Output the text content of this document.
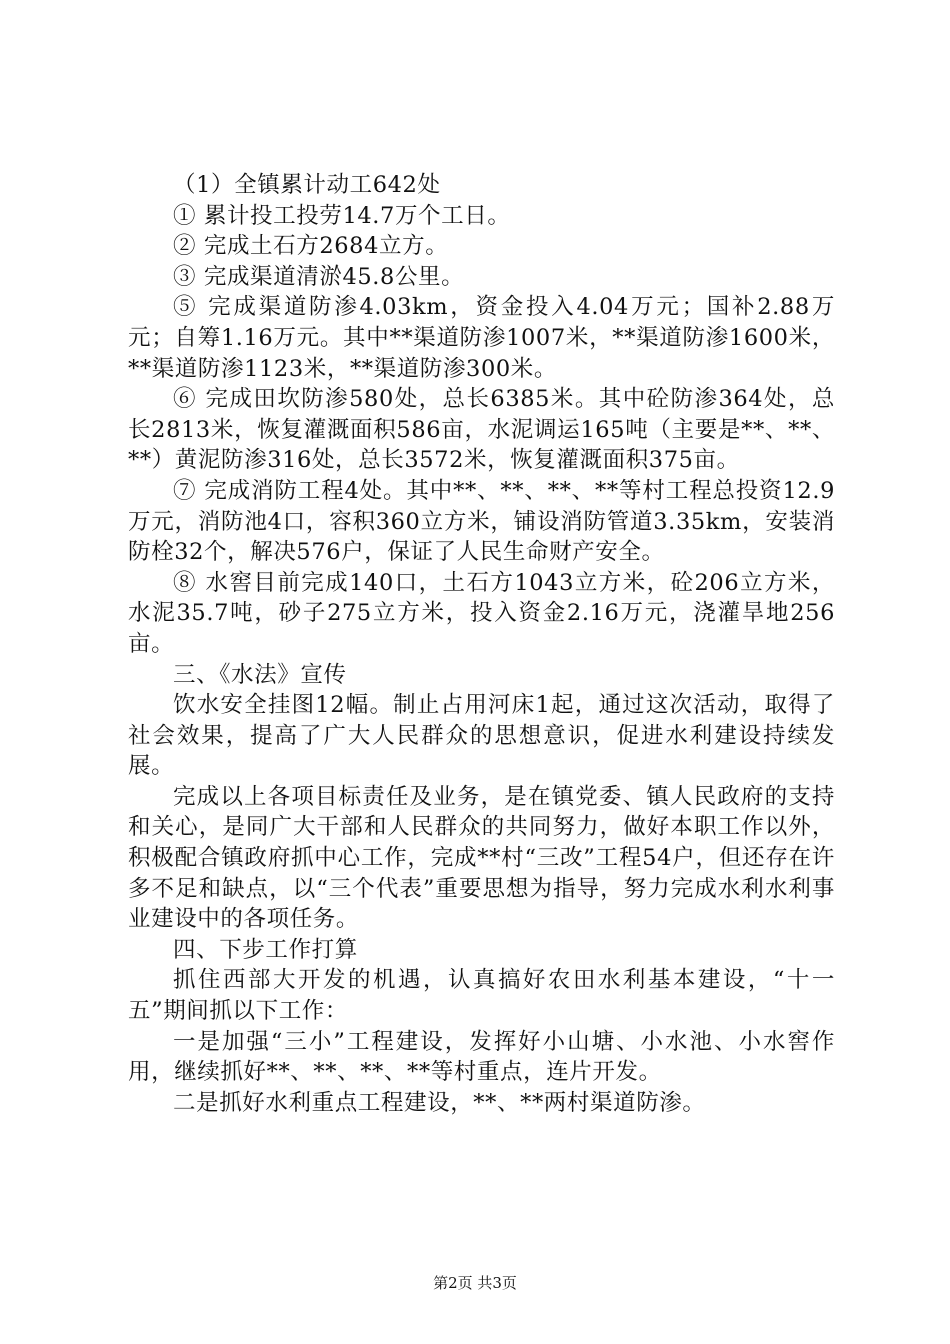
（1）全镇累计动工642处

① 累计投工投劳14.7万个工日。

② 完成土石方2684立方。

③ 完成渠道清淤45.8公里。

⑤ 完成渠道防渗4.03km，资金投入4.04万元；国补2.88万元；自筹1.16万元。其中**渠道防渗1007米，**渠道防渗1600米，**渠道防渗1123米，**渠道防渗300米。

⑥ 完成田坎防渗580处，总长6385米。其中砼防渗364处，总长2813米，恢复灌溉面积586亩，水泥调运165吨（主要是**、**、**）黄泥防渗316处，总长3572米，恢复灌溉面积375亩。

⑦ 完成消防工程4处。其中**、**、**、**等村工程总投资12.9万元，消防池4口，容积360立方米，铺设消防管道3.35km，安装消防栓32个，解决576户，保证了人民生命财产安全。

⑧ 水窖目前完成140口，土石方1043立方米，砼206立方米，水泥35.7吨，砂子275立方米，投入资金2.16万元，浇灌旱地256亩。

三、《水法》宣传

饮水安全挂图12幅。制止占用河床1起，通过这次活动，取得了社会效果，提高了广大人民群众的思想意识，促进水利建设持续发展。

完成以上各项目标责任及业务，是在镇党委、镇人民政府的支持和关心，是同广大干部和人民群众的共同努力，做好本职工作以外，积极配合镇政府抓中心工作，完成**村“三改”工程54户，但还存在许多不足和缺点，以“三个代表”重要思想为指导，努力完成水利水利事业建设中的各项任务。

四、下步工作打算

抓住西部大开发的机遇，认真搞好农田水利基本建设，“十一五”期间抓以下工作：

一是加强“三小”工程建设，发挥好小山塘、小水池、小水窖作用，继续抓好**、**、**、**等村重点，连片开发。

二是抓好水利重点工程建设，**、**两村渠道防渗。

第2页 共3页
